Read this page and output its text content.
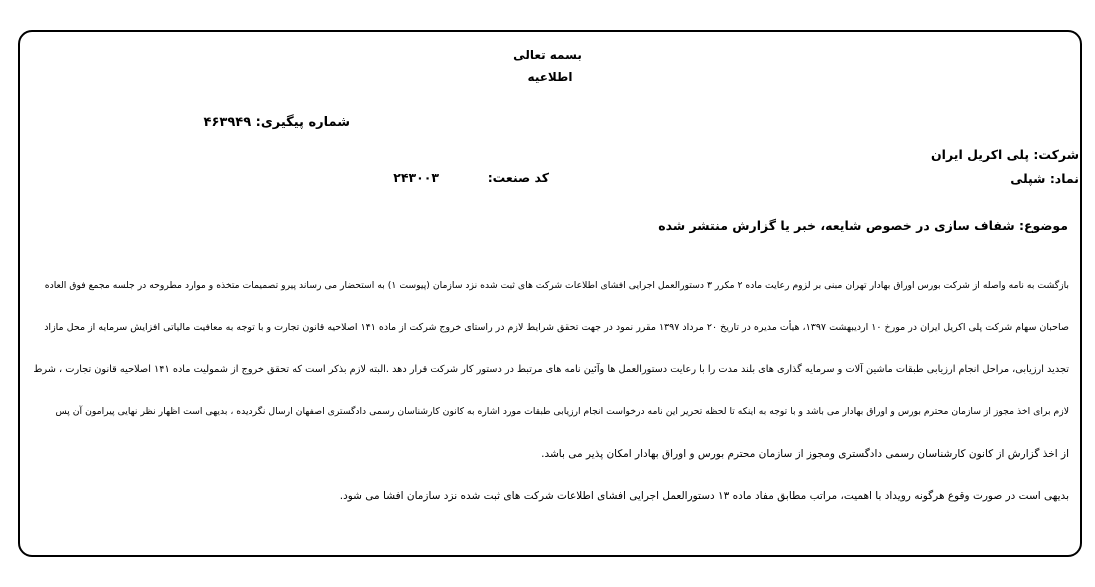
بسمه تعالی
اطلاعیه
شماره پیگیری: ۴۶۳۹۴۹
شرکت: پلی اکریل ایران
نماد: شپلی
کد صنعت:  ۲۴۳۰۰۳
موضوع: شفاف سازی در خصوص شایعه، خبر یا گزارش منتشر شده
بازگشت به نامه واصله از شرکت بورس اوراق بهادار تهران مبنی بر لزوم رعایت ماده ۲ مکرر ۳ دستورالعمل اجرایی افشای اطلاعات شرکت های ثبت شده نزد سازمان (پیوست ۱) به استحضار می رساند پیرو تصمیمات متخذه و موارد مطروحه در جلسه مجمع فوق العاده
صاحبان سهام شرکت پلی اکریل ایران در مورخ ۱۰ اردیبهشت ۱۳۹۷، هیأت مدیره در تاریخ ۲۰ مرداد ۱۳۹۷ مقرر نمود در جهت تحقق شرایط لازم در راستای خروج شرکت از ماده ۱۴۱ اصلاحیه قانون تجارت و با توجه به معافیت مالیاتی افزایش سرمایه از محل مازاد
تجدید ارزیابی، مراحل انجام ارزیابی طبقات ماشین آلات و سرمایه گذاری های بلند مدت را با رعایت دستورالعمل ها وآئین نامه های مرتبط در دستور کار شرکت قرار دهد .البته لازم بذکر است که تحقق خروج از شمولیت ماده ۱۴۱ اصلاحیه قانون تجارت ، شرط
لازم برای اخذ مجوز از سازمان محترم بورس و اوراق بهادار می باشد و با توجه به اینکه تا لحظه تحریر این نامه درخواست انجام ارزیابی طبقات مورد اشاره به کانون کارشناسان رسمی دادگستری اصفهان ارسال نگردیده ، بدیهی است اظهار نظر نهایی پیرامون آن پس
از اخذ گزارش از کانون کارشناسان رسمی دادگستری ومجوز از سازمان محترم بورس و اوراق بهادار امکان پذیر می باشد.
بدیهی است در صورت وقوع هرگونه رویداد با اهمیت، مراتب مطابق مفاد ماده ۱۳ دستورالعمل اجرایی افشای اطلاعات شرکت های ثبت شده نزد سازمان افشا می شود.
